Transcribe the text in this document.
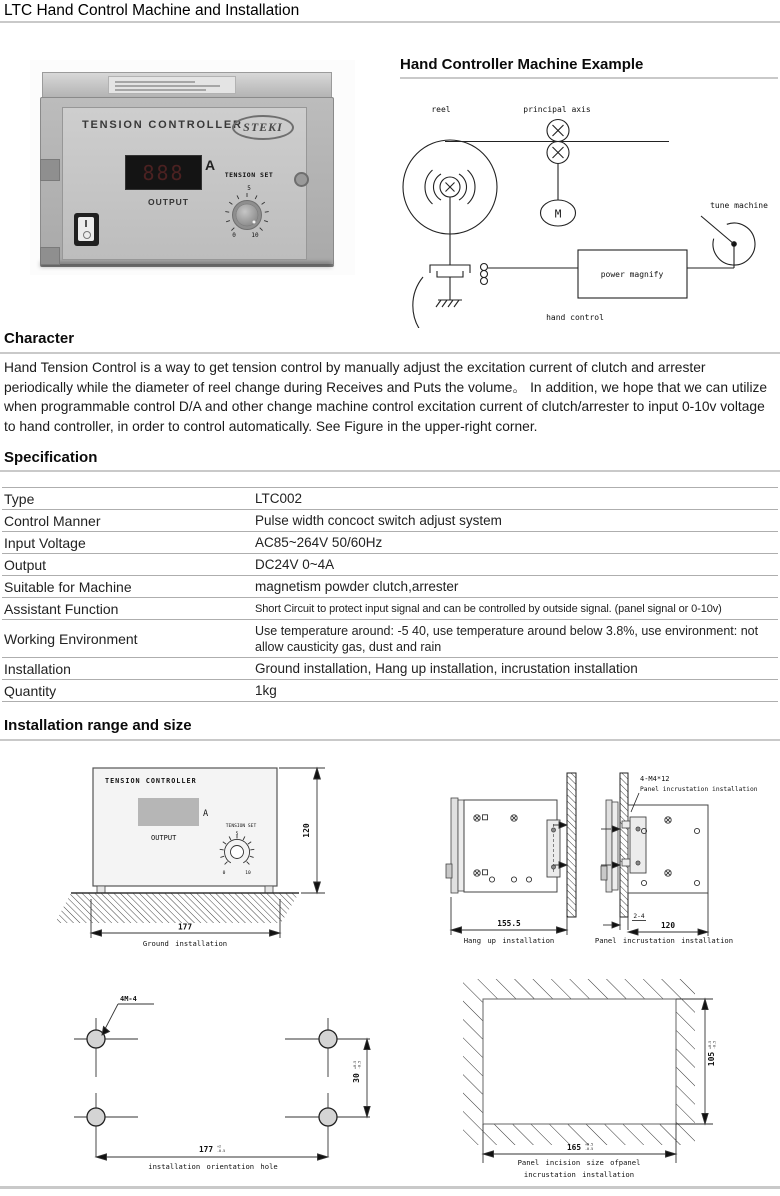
LTC Hand Control Machine and Installation
TENSION CONTROLLER STEKI
888 A
OUTPUT
TENSION SET
5
0	10
Hand Controller Machine Example
reel	principal axis
M
power magnify
tune machine
hand control
Character

Hand Tension Control is a way to get tension control by manually adjust the excitation current of clutch and arrester periodically while the diameter of reel change during Receives and Puts the volume。 In addition, we hope that we can utilize when programmable control D/A and other change machine control excitation current of clutch/arrester to input 0-10v voltage to hand controller, in order to control automatically. See Figure in the upper-right corner.

Specification
Type	LTC002
Control Manner	Pulse width concoct switch adjust system
Input Voltage	AC85~264V 50/60Hz
Output	DC24V 0~4A
Suitable for Machine	magnetism powder clutch,arrester
Assistant Function	Short Circuit to protect input signal and can be controlled by outside signal. (panel signal or 0-10v)
Working Environment	Use temperature around: -5 40, use temperature around below 3.8%, use environment: not allow causticity gas, dust and rain
Installation	Ground installation, Hang up installation, incrustation installation
Quantity	1kg
Installation range and size
TENSION CONTROLLER
A
OUTPUT
TENSION SET
5
0	10
120
177
Ground installation
155.5
Hang up installation
4-M4*12
Panel incrustation installation
2-4
120
Panel incrustation installation
4M-4
30
+0.5 -0.5
177 +2
-0.5
installation orientation hole
105
+0.5 -0.5
165 +0.5
-0.5
Panel incision size ofpanel
incrustation installation
